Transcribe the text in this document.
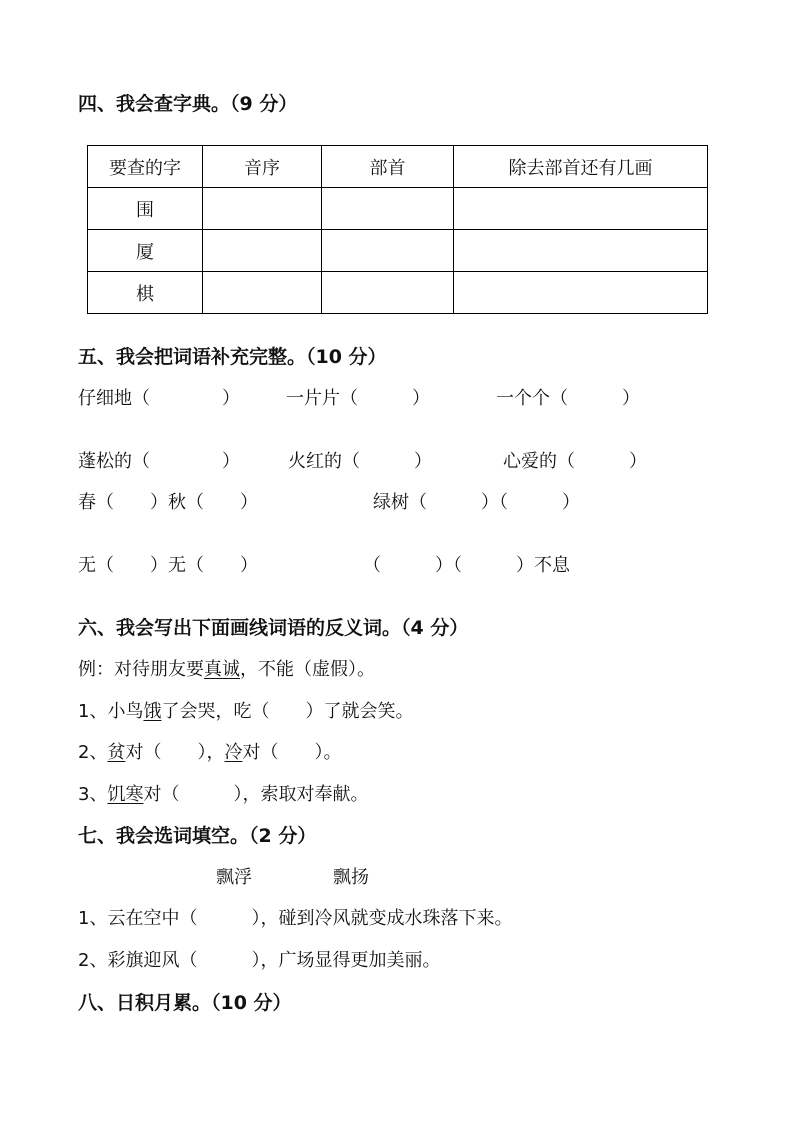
四、我会查字典。（9 分）
要查的字	音序	部首	除去部首还有几画
围			
厦			
棋			
五、我会把词语补充完整。（10 分）
仔细地（　　　　）	一片片（　　　）	一个个（　　　）
蓬松的（　　　　）	火红的（　　　）	心爱的（　　　）
春（　　）秋（　　）	绿树（　　　）（　　　）
无（　　）无（　　）	（　　　）（　　　）不息
六、我会写出下面画线词语的反义词。（4 分）
例：对待朋友要真诚，不能（虚假）。
1、小鸟饿了会哭，吃（　　）了就会笑。
2、贫对（　　），冷对（　　）。
3、饥寒对（　　　），索取对奉献。
七、我会选词填空。（2 分）
飘浮	飘扬
1、云在空中（　　　），碰到冷风就变成水珠落下来。
2、彩旗迎风（　　　），广场显得更加美丽。
八、日积月累。（10 分）
